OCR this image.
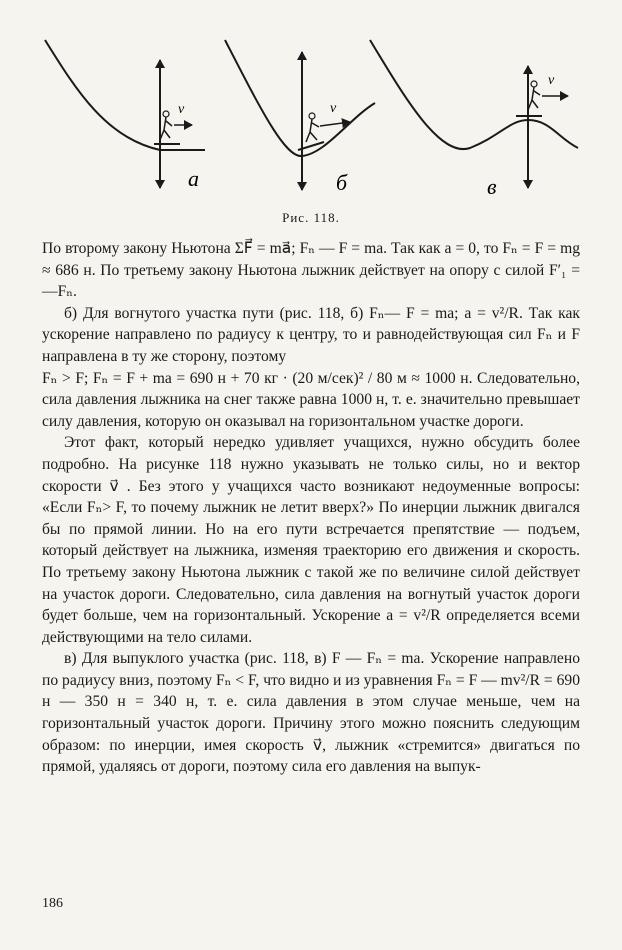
v
а
v
б
v
в
Рис. 118.

По второму закону Ньютона ΣF⃗ = ma⃗; Fₙ — F = ma. Так как a = 0, то Fₙ = F = mg ≈ 686 н. По третьему закону Ньютона лыжник действует на опору с силой F′₁ = —Fₙ.

б) Для вогнутого участка пути (рис. 118, б) Fₙ— F = ma; a = v²/R. Так как ускорение направлено по радиусу к центру, то и равнодействующая сил Fₙ и F направлена в ту же сторону, поэтому

Fₙ > F; Fₙ = F + ma = 690 н + 70 кг · (20 м/сек)² / 80 м ≈ 1000 н. Следовательно, сила давления лыжника на снег также равна 1000 н, т. е. значительно превышает силу давления, которую он оказывал на горизонтальном участке дороги.

Этот факт, который нередко удивляет учащихся, нужно обсудить более подробно. На рисунке 118 нужно указывать не только силы, но и вектор скорости v⃗ . Без этого у учащихся часто возникают недоуменные вопросы: «Если Fₙ> F, то почему лыжник не летит вверх?» По инерции лыжник двигался бы по прямой линии. Но на его пути встречается препятствие — подъем, который действует на лыжника, изменяя траекторию его движения и скорость. По третьему закону Ньютона лыжник с такой же по величине силой действует на участок дороги. Следовательно, сила давления на вогнутый участок дороги будет больше, чем на горизонтальный. Ускорение a = v²/R определяется всеми действующими на тело силами.

в) Для выпуклого участка (рис. 118, в) F — Fₙ = ma. Ускорение направлено по радиусу вниз, поэтому Fₙ < F, что видно и из уравнения Fₙ = F — mv²/R = 690 н — 350 н = 340 н, т. е. сила давления в этом случае меньше, чем на горизонтальный участок дороги. Причину этого можно пояснить следующим образом: по инерции, имея скорость v⃗, лыжник «стремится» двигаться по прямой, удаляясь от дороги, поэтому сила его давления на выпук-

186
